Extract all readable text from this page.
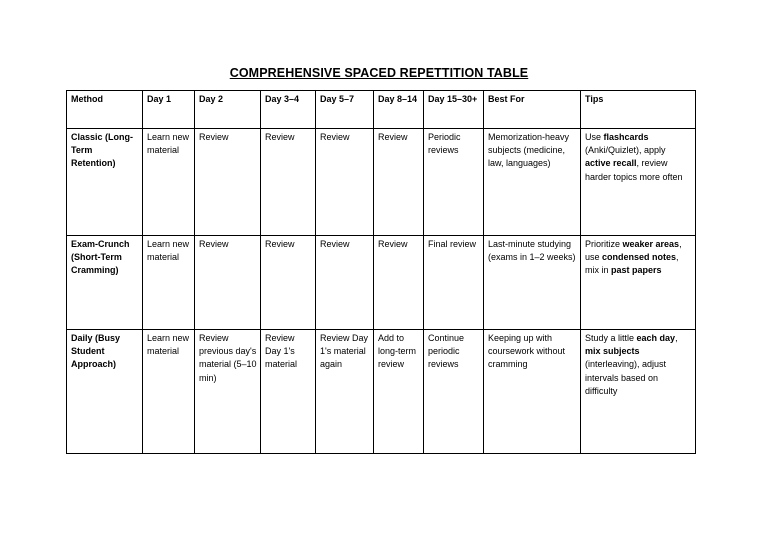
COMPREHENSIVE SPACED REPETTITION TABLE
Method	Day 1	Day 2	Day 3–4	Day 5–7	Day 8–14	Day 15–30+	Best For	Tips
Classic (Long-Term Retention)	Learn new material	Review	Review	Review	Review	Periodic reviews	Memorization-heavy subjects (medicine, law, languages)	Use flashcards (Anki/Quizlet), apply active recall, review harder topics more often
Exam-Crunch (Short-Term Cramming)	Learn new material	Review	Review	Review	Review	Final review	Last-minute studying (exams in 1–2 weeks)	Prioritize weaker areas, use condensed notes, mix in past papers
Daily (Busy Student Approach)	Learn new material	Review previous day's material (5–10 min)	Review Day 1's material	Review Day 1's material again	Add to long-term review	Continue periodic reviews	Keeping up with coursework without cramming	Study a little each day, mix subjects (interleaving), adjust intervals based on difficulty
